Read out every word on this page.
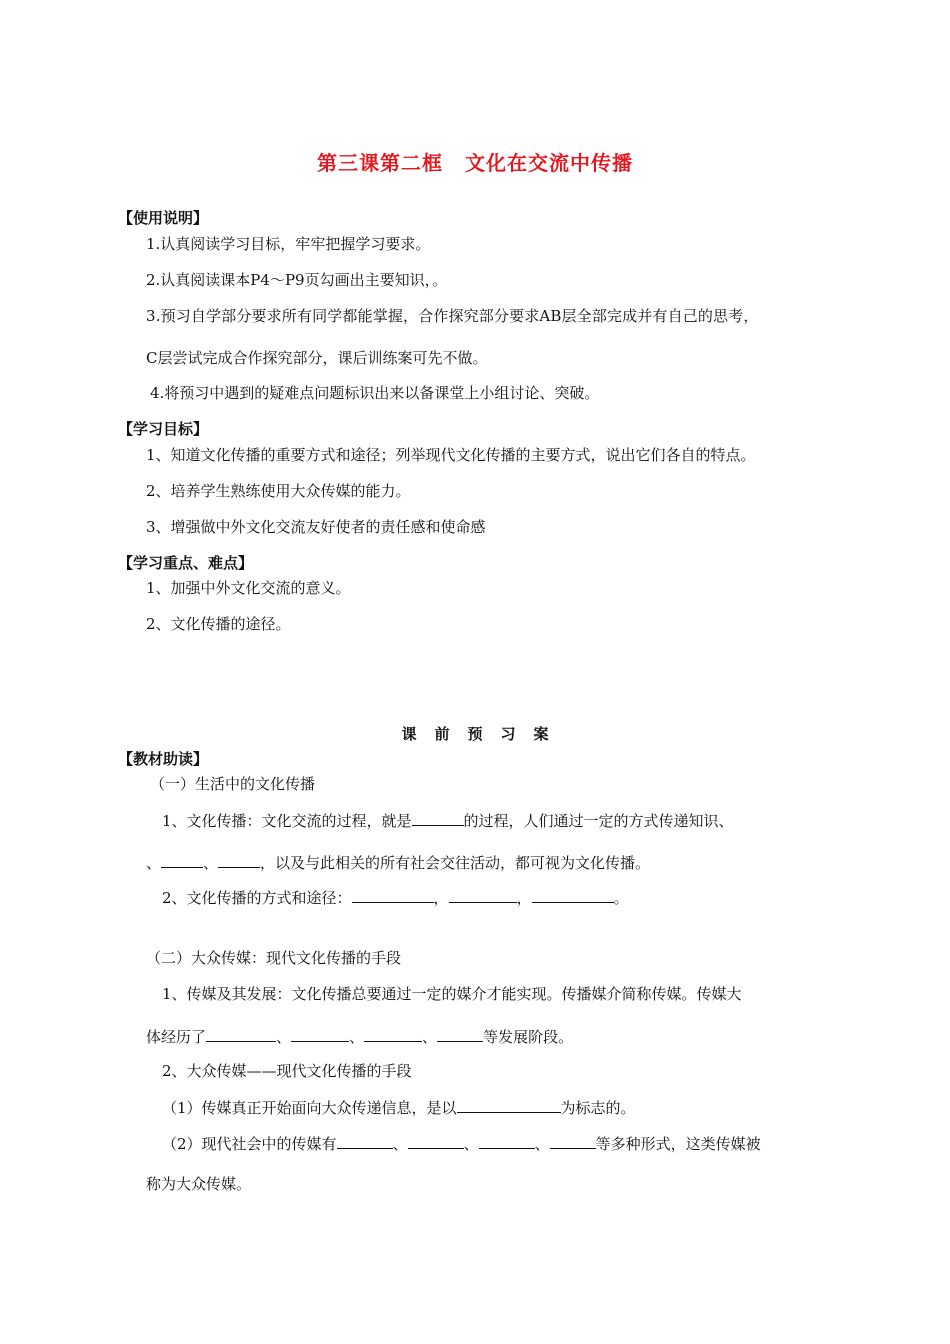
第三课第二框 文化在交流中传播
【使用说明】
1.认真阅读学习目标，牢牢把握学习要求。
2.认真阅读课本P4～P9页勾画出主要知识，。
3.预习自学部分要求所有同学都能掌握，合作探究部分要求AB层全部完成并有自己的思考，
C层尝试完成合作探究部分，课后训练案可先不做。
4.将预习中遇到的疑难点问题标识出来以备课堂上小组讨论、突破。
【学习目标】
1、知道文化传播的重要方式和途径；列举现代文化传播的主要方式，说出它们各自的特点。
2、培养学生熟练使用大众传媒的能力。
3、增强做中外文化交流友好使者的责任感和使命感
【学习重点、难点】
1、加强中外文化交流的意义。
2、文化传播的途径。
课前预习案
【教材助读】
（一）生活中的文化传播
1、文化传播：文化交流的过程，就是	的过程，人们通过一定的方式传递知识、
、	、	，以及与此相关的所有社会交往活动，都可视为文化传播。
2、文化传播的方式和途径：	，	，	。
（二）大众传媒：现代文化传播的手段
1、传媒及其发展：文化传播总要通过一定的媒介才能实现。传播媒介简称传媒。传媒大
体经历了	、	、	、	等发展阶段。
2、大众传媒——现代文化传播的手段
（1）传媒真正开始面向大众传递信息，是以	为标志的。
（2）现代社会中的传媒有	、	、	、	等多种形式，这类传媒被
称为大众传媒。
